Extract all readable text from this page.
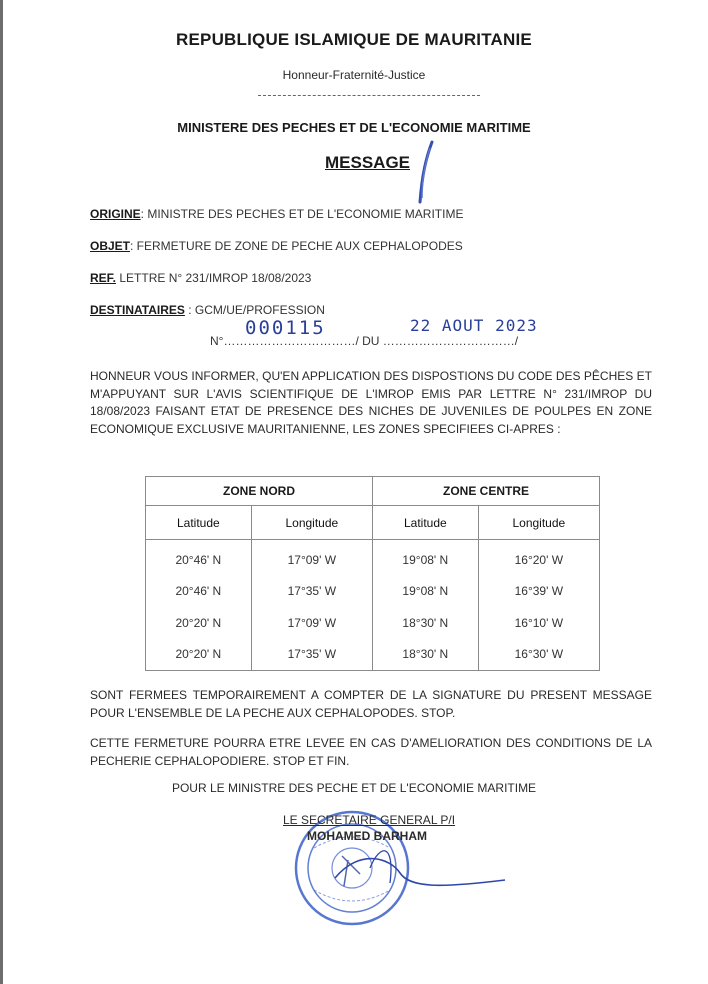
REPUBLIQUE ISLAMIQUE DE MAURITANIE
Honneur-Fraternité-Justice
MINISTERE DES PECHES ET DE L'ECONOMIE MARITIME
MESSAGE
ORIGINE: MINISTRE DES PECHES ET DE L'ECONOMIE MARITIME
OBJET: FERMETURE DE ZONE DE PECHE AUX CEPHALOPODES
REF. LETTRE N° 231/IMROP 18/08/2023
DESTINATAIRES : GCM/UE/PROFESSION
000115	22 AOUT 2023
N°……………………………/ DU ……………………………/
HONNEUR VOUS INFORMER, QU'EN APPLICATION DES DISPOSTIONS DU CODE DES PÊCHES ET M'APPUYANT SUR L'AVIS SCIENTIFIQUE DE L'IMROP EMIS PAR LETTRE N° 231/IMROP DU 18/08/2023 FAISANT ETAT DE PRESENCE DES NICHES DE JUVENILES DE POULPES EN ZONE ECONOMIQUE EXCLUSIVE MAURITANIENNE, LES ZONES SPECIFIEES CI-APRES :
ZONE NORD		ZONE CENTRE	
Latitude	Longitude	Latitude	Longitude
20°46' N	17°09' W	19°08' N	16°20' W
20°46' N	17°35' W	19°08' N	16°39' W
20°20' N	17°09' W	18°30' N	16°10' W
20°20' N	17°35' W	18°30' N	16°30' W
SONT FERMEES TEMPORAIREMENT A COMPTER DE LA SIGNATURE DU PRESENT MESSAGE POUR L'ENSEMBLE DE LA PECHE AUX CEPHALOPODES. STOP.
CETTE FERMETURE POURRA ETRE LEVEE EN CAS D'AMELIORATION DES CONDITIONS DE LA PECHERIE CEPHALOPODIERE. STOP ET FIN.
POUR LE MINISTRE DES PECHE ET DE L'ECONOMIE MARITIME
LE SECRETAIRE GENERAL P/I
MOHAMED BARHAM
